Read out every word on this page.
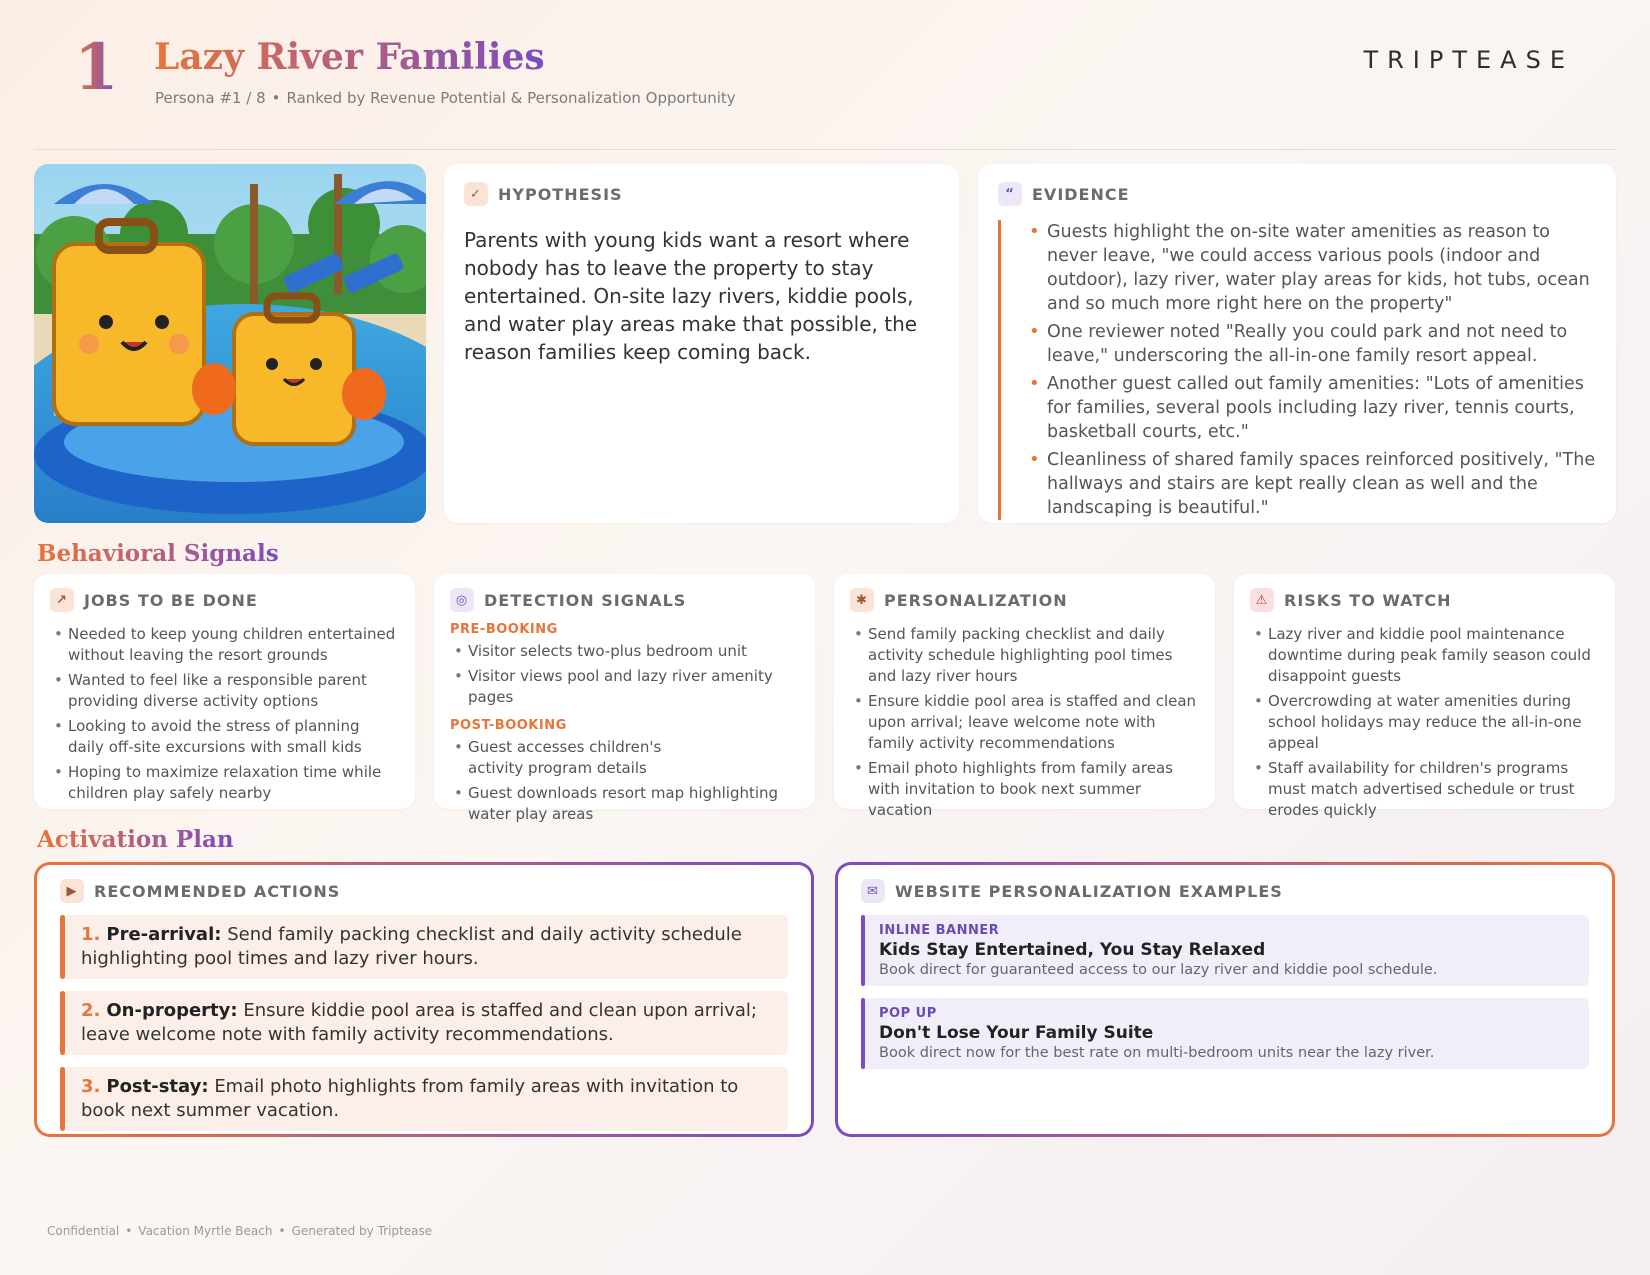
1 Lazy River Families
Persona #1 / 8 • Ranked by Revenue Potential & Personalization Opportunity
TRIPTEASE
✓	HYPOTHESIS
Parents with young kids want a resort where nobody has to leave the property to stay entertained. On-site lazy rivers, kiddie pools, and water play areas make that possible, the reason families keep coming back.
“	EVIDENCE
• Guests highlight the on-site water amenities as reason to never leave, "we could access various pools (indoor and outdoor), lazy river, water play areas for kids, hot tubs, ocean and so much more right here on the property"
• One reviewer noted "Really you could park and not need to leave," underscoring the all-in-one family resort appeal.
• Another guest called out family amenities: "Lots of amenities for families, several pools including lazy river, tennis courts, basketball courts, etc."
• Cleanliness of shared family spaces reinforced positively, "The hallways and stairs are kept really clean as well and the landscaping is beautiful."
Behavioral Signals
↗	JOBS TO BE DONE
• Needed to keep young children entertained without leaving the resort grounds
• Wanted to feel like a responsible parent providing diverse activity options
• Looking to avoid the stress of planning daily off-site excursions with small kids
• Hoping to maximize relaxation time while children play safely nearby
◎ DETECTION SIGNALS
PRE-BOOKING
• Visitor selects two-plus bedroom unit
• Visitor views pool and lazy river amenity pages
POST-BOOKING
• Guest accesses children's activity program details
• Guest downloads resort map highlighting water play areas
✱	PERSONALIZATION
• Send family packing checklist and daily activity schedule highlighting pool times and lazy river hours
• Ensure kiddie pool area is staffed and clean upon arrival; leave welcome note with family activity recommendations
• Email photo highlights from family areas with invitation to book next summer vacation
⚠ RISKS TO WATCH
• Lazy river and kiddie pool maintenance downtime during peak family season could disappoint guests
• Overcrowding at water amenities during school holidays may reduce the all-in-one appeal
• Staff availability for children's programs must match advertised schedule or trust erodes quickly
Activation Plan
▶	RECOMMENDED ACTIONS
1. Pre-arrival: Send family packing checklist and daily activity schedule highlighting pool times and lazy river hours.
2. On-property: Ensure kiddie pool area is staffed and clean upon arrival; leave welcome note with family activity recommendations.
3. Post-stay: Email photo highlights from family areas with invitation to book next summer vacation.
✉	WEBSITE PERSONALIZATION EXAMPLES
INLINE BANNER
Kids Stay Entertained, You Stay Relaxed
Book direct for guaranteed access to our lazy river and kiddie pool schedule.
POP UP
Don't Lose Your Family Suite
Book direct now for the best rate on multi-bedroom units near the lazy river.
Confidential • Vacation Myrtle Beach • Generated by Triptease
